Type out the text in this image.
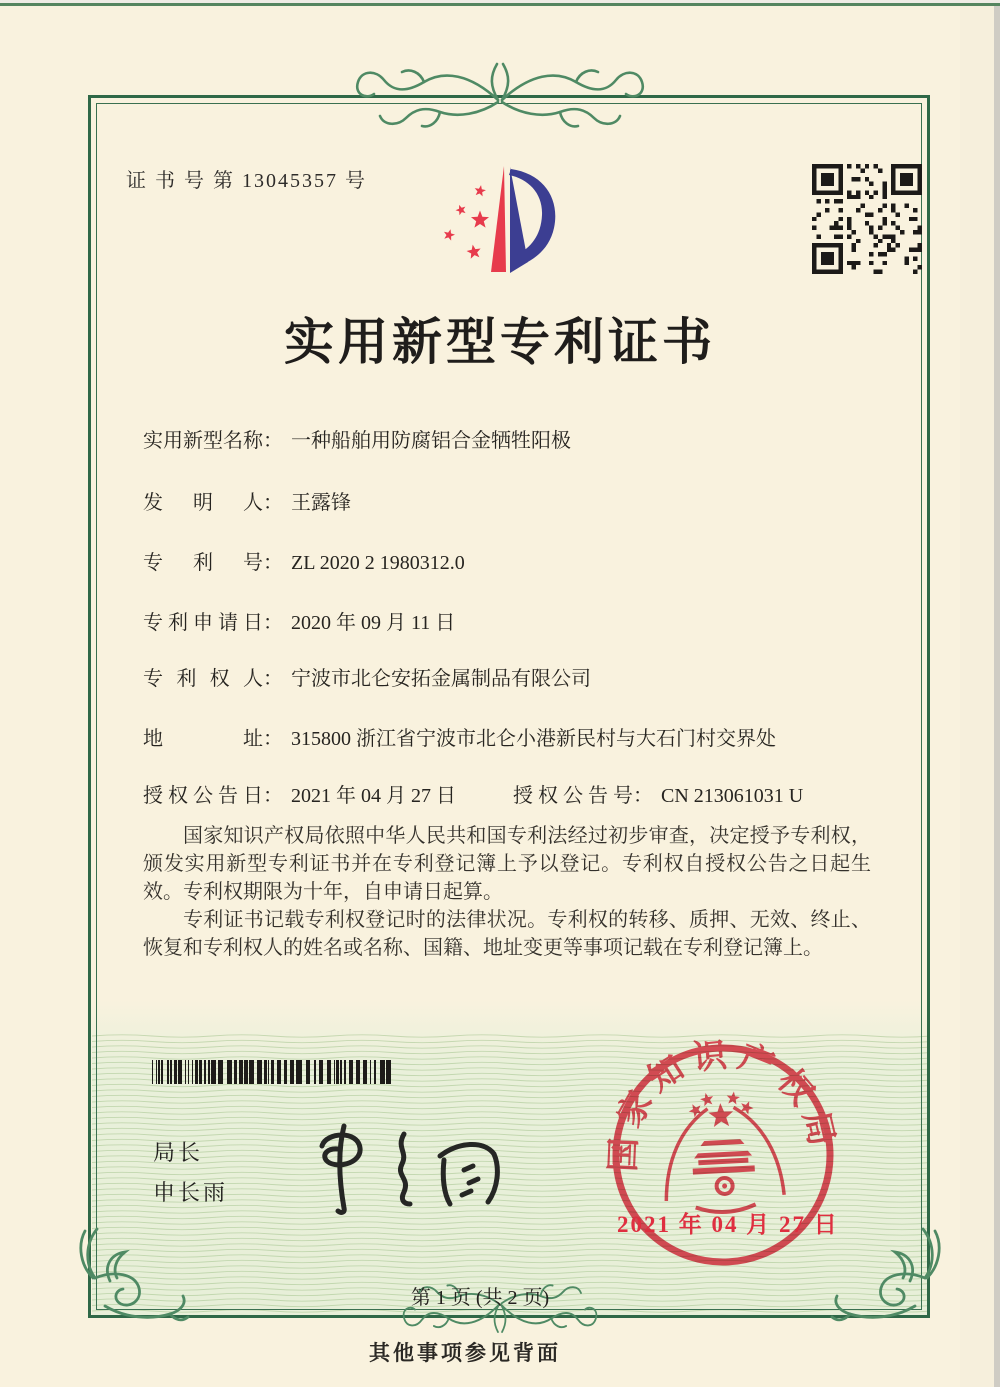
证 书 号 第 13045357 号
实用新型专利证书
实用新型名称： 一种船舶用防腐铝合金牺牲阳极
发明人： 王露锋
专利号： ZL 2020 2 1980312.0
专利申请日： 2020 年 09 月 11 日
专利权人： 宁波市北仑安拓金属制品有限公司
地址： 315800 浙江省宁波市北仑小港新民村与大石门村交界处
授权公告日： 2021 年 04 月 27 日	授权公告号： CN 213061031 U

国家知识产权局依照中华人民共和国专利法经过初步审查，决定授予专利权，颁发实用新型专利证书并在专利登记簿上予以登记。专利权自授权公告之日起生效。专利权期限为十年，自申请日起算。

专利证书记载专利权登记时的法律状况。专利权的转移、质押、无效、终止、恢复和专利权人的姓名或名称、国籍、地址变更等事项记载在专利登记簿上。

局长
申长雨
国家知识产权局
2021 年 04 月 27 日
第 1 页 (共 2 页)
其他事项参见背面
